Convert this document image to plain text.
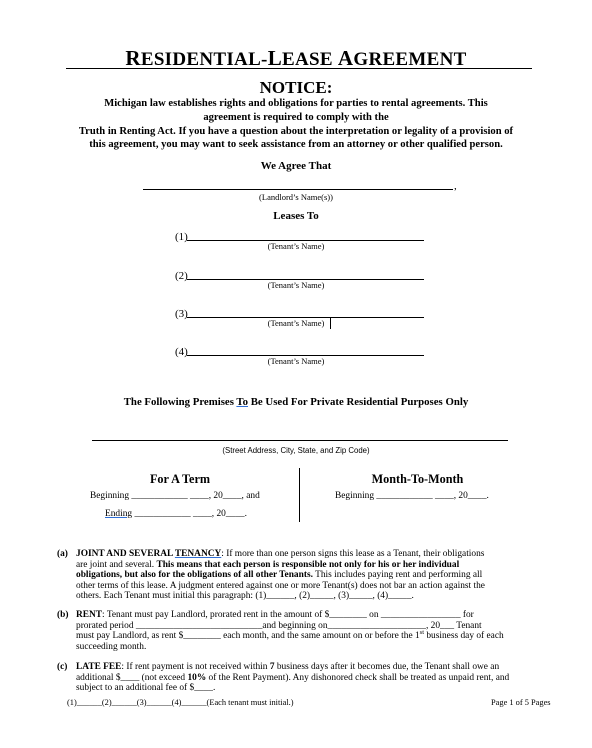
RESIDENTIAL-LEASE AGREEMENT
NOTICE:
Michigan law establishes rights and obligations for parties to rental agreements. This
agreement is required to comply with the
Truth in Renting Act. If you have a question about the interpretation or legality of a provision of
this agreement, you may want to seek assistance from an attorney or other qualified person.
We Agree That
,
(Landlord’s Name(s))
Leases To
(1)
(Tenant’s Name)
(2)
(Tenant’s Name)
(3)
(Tenant’s Name)
(4)
(Tenant’s Name)
The Following Premises To Be Used For Private Residential Purposes Only
(Street Address, City, State, and Zip Code)
For A Term
Beginning ____________ ____, 20____, and
Ending ____________ ____, 20____.
Month-To-Month
Beginning ____________ ____, 20____.
(a) JOINT AND SEVERAL TENANCY: If more than one person signs this lease as a Tenant, their obligations
are joint and several. This means that each person is responsible not only for his or her individual
obligations, but also for the obligations of all other Tenants. This includes paying rent and performing all
other terms of this lease. A judgment entered against one or more Tenant(s) does not bar an action against the
others. Each Tenant must initial this paragraph: (1)______, (2)_____, (3)_____, (4)_____.
(b) RENT: Tenant must pay Landlord, prorated rent in the amount of $________ on _________________ for
prorated period ___________________________and beginning on_____________________, 20___ Tenant
must pay Landlord, as rent $________ each month, and the same amount on or before the 1st business day of each
succeeding month.
(c) LATE FEE: If rent payment is not received within 7 business days after it becomes due, the Tenant shall owe an
additional $____ (not exceed 10% of the Rent Payment). Any dishonored check shall be treated as unpaid rent, and
subject to an additional fee of $____.
(1)______(2)______(3)______(4)______(Each tenant must initial.)	Page 1 of 5 Pages
